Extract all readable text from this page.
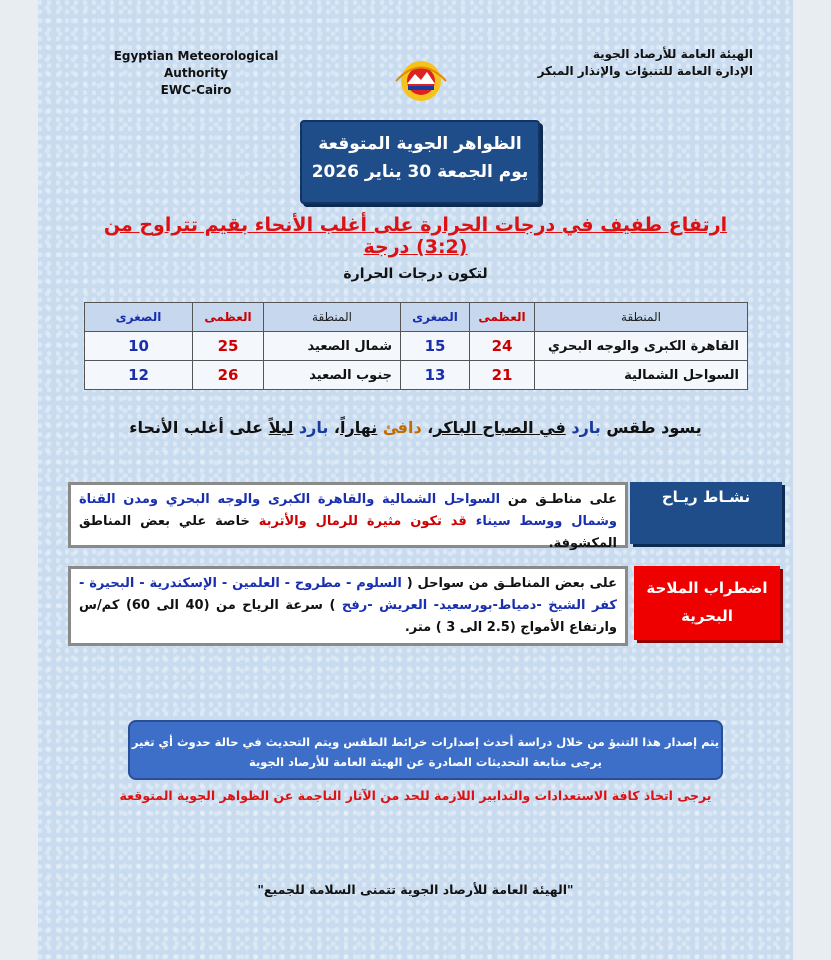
Egyptian Meteorological Authority
EWC-Cairo
الهيئة العامة للأرصاد الجوية
الإدارة العامة للتنبؤات والإنذار المبكر
الظواهر الجوية المتوقعة
يوم الجمعة 30 يناير 2026
ارتفاع طفيف في درجات الحرارة على أغلب الأنحاء بقيم تتراوح من (3:2) درجة
لتكون درجات الحرارة
المنطقة	العظمى	الصغرى	المنطقة	العظمى	الصغرى
القاهرة الكبرى والوجه البحري	24	15	شمال الصعيد	25	10
السواحل الشمالية	21	13	جنوب الصعيد	26	12
يسود طقس بارد في الصباح الباكر، دافئ نهاراً، بارد ليلاً على أغلب الأنحاء
نشـاط ريـاح
على مناطـق من السواحل الشمالية والقاهرة الكبرى والوجه البحري ومدن القناة وشمال ووسط سيناء قد تكون مثيرة للرمال والأتربة خاصة علي بعض المناطق المكشوفة.
اضطراب الملاحة
البحرية
على بعض المناطـق من سواحل ( السلوم - مطروح - العلمين - الإسكندرية - البحيرة - كفر الشيخ -دمياط-بورسعيد- العريش -رفح ) سرعة الرياح من (40 الى 60) كم/س وارتفاع الأمواج (2.5 الى 3 ) متر.
يتم إصدار هذا التنبؤ من خلال دراسة أحدث إصدارات خرائط الطقس ويتم التحديث في حالة حدوث أي تغير
يرجى متابعة التحديثات الصادرة عن الهيئة العامة للأرصاد الجوية
يرجى اتخاذ كافة الاستعدادات والتدابير اللازمة للحد من الآثار الناجمة عن الظواهر الجوية المتوقعة
"الهيئة العامة للأرصاد الجوية تتمنى السلامة للجميع"
